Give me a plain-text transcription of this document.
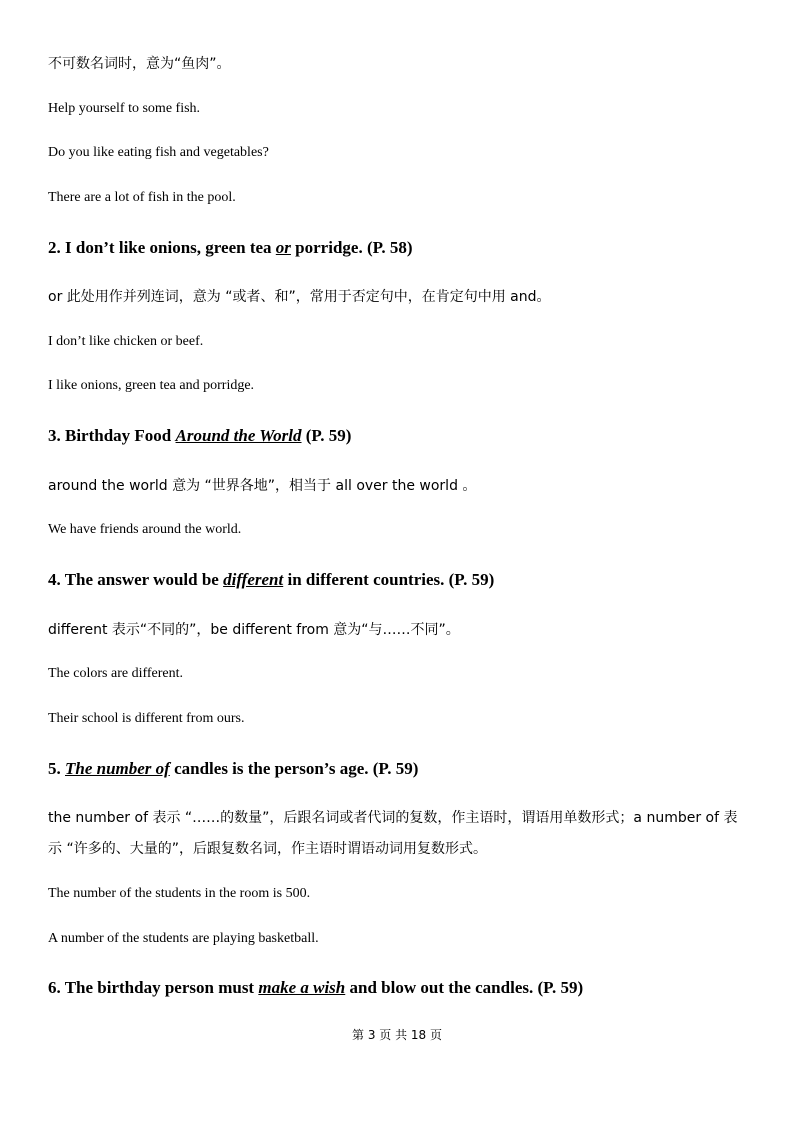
不可数名词时，意为“鱼肉”。
Help yourself to some fish.
Do you like eating fish and vegetables?
There are a lot of fish in the pool.
2. I don’t like onions, green tea or porridge. (P. 58)
or 此处用作并列连词，意为 “或者、和”，常用于否定句中，在肯定句中用 and。
I don’t like chicken or beef.
I like onions, green tea and porridge.
3. Birthday Food Around the World (P. 59)
around the world 意为 “世界各地”，相当于 all over the world 。
We have friends around the world.
4. The answer would be different in different countries. (P. 59)
different 表示“不同的”，be different from 意为“与……不同”。
The colors are different.
Their school is different from ours.
5. The number of candles is the person’s age. (P. 59)
the number of 表示 “……的数量”，后跟名词或者代词的复数，作主语时，谓语用单数形式；a number of 表示 “许多的、大量的”，后跟复数名词，作主语时谓语动词用复数形式。
The number of the students in the room is 500.
A number of the students are playing basketball.
6. The birthday person must make a wish and blow out the candles. (P. 59)
第 3 页 共 18 页
